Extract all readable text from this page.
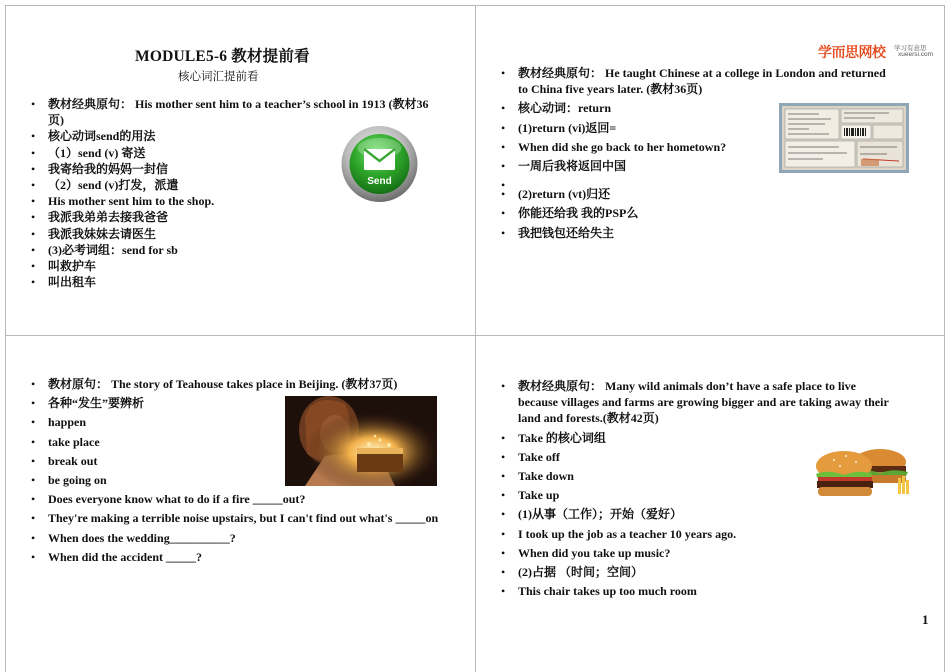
MODULE5-6 教材提前看
核心词汇提前看
• 教材经典原句： His mother sent him to a teacher’s school in 1913 (教材36页)
• 核心动词send的用法
• （1）send (v) 寄送
• 我寄给我的妈妈一封信
• （2）send (v)打发，派遣
• His mother sent him to the shop.
• 我派我弟弟去接我爸爸
• 我派我妹妹去请医生
• (3)必考词组：send for sb
• 叫救护车
• 叫出租车
Send
学而思网校 学习有意思
xueersi.com
• 教材经典原句： He taught Chinese at a college in London and returned to China five years later. (教材36页)
• 核心动词：return
• (1)return (vi)返回=
• When did she go back to her hometown?
• 一周后我将返回中国
•
• (2)return (vt)归还
• 你能还给我 我的PSP么
• 我把钱包还给失主
• 教材原句： The story of Teahouse takes place in Beijing. (教材37页)
• 各种“发生”要辨析
• happen
• take place
• break out
• be going on
• Does everyone know what to do if a fire _____out?
• They're making a terrible noise upstairs, but I can't find out what's _____on
• When does the wedding__________?
• When did the accident _____?
• 教材经典原句： Many wild animals don’t have a safe place to live because villages and farms are growing bigger and are taking away their land and forests.(教材42页)
• Take 的核心词组
• Take off
• Take down
• Take up
• (1)从事（工作）；开始（爱好）
• I took up the job as a teacher 10 years ago.
• When did you take up music?
• (2)占据 （时间；空间）
• This chair takes up too much room
1
